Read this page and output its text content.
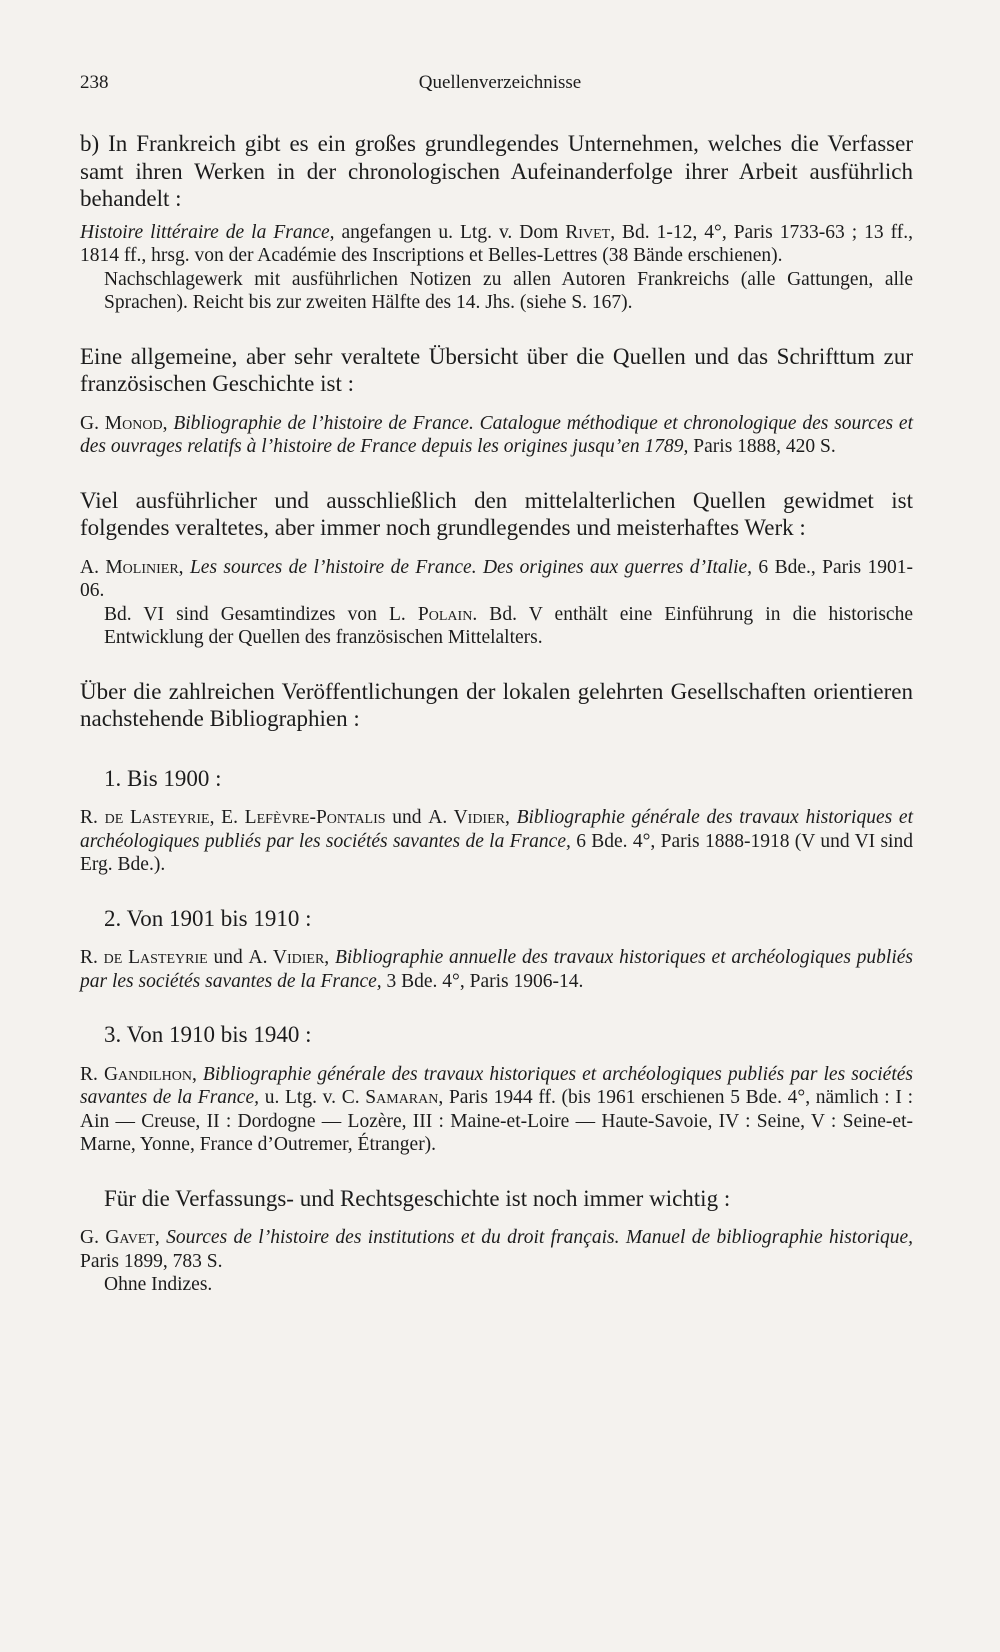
238	Quellenverzeichnisse

b) In Frankreich gibt es ein großes grundlegendes Unternehmen, welches die Verfasser samt ihren Werken in der chronologischen Aufeinanderfolge ihrer Arbeit ausführlich behandelt :

Histoire littéraire de la France, angefangen u. Ltg. v. Dom Rivet, Bd. 1-12, 4°, Paris 1733-63 ; 13 ff., 1814 ff., hrsg. von der Académie des Inscriptions et Belles-Lettres (38 Bände erschienen).

Nachschlagewerk mit ausführlichen Notizen zu allen Autoren Frankreichs (alle Gattungen, alle Sprachen). Reicht bis zur zweiten Hälfte des 14. Jhs. (siehe S. 167).

Eine allgemeine, aber sehr veraltete Übersicht über die Quellen und das Schrifttum zur französischen Geschichte ist :

G. Monod, Bibliographie de l’histoire de France. Catalogue méthodique et chronologique des sources et des ouvrages relatifs à l’histoire de France depuis les origines jusqu’en 1789, Paris 1888, 420 S.

Viel ausführlicher und ausschließlich den mittelalterlichen Quellen gewidmet ist folgendes veraltetes, aber immer noch grundlegendes und meisterhaftes Werk :

A. Molinier, Les sources de l’histoire de France. Des origines aux guerres d’Italie, 6 Bde., Paris 1901-06.

Bd. VI sind Gesamtindizes von L. Polain. Bd. V enthält eine Einführung in die historische Entwicklung der Quellen des französischen Mittelalters.

Über die zahlreichen Veröffentlichungen der lokalen gelehrten Gesellschaften orientieren nachstehende Bibliographien :

1. Bis 1900 :

R. de Lasteyrie, E. Lefèvre-Pontalis und A. Vidier, Bibliographie générale des travaux historiques et archéologiques publiés par les sociétés savantes de la France, 6 Bde. 4°, Paris 1888-1918 (V und VI sind Erg. Bde.).

2. Von 1901 bis 1910 :

R. de Lasteyrie und A. Vidier, Bibliographie annuelle des travaux historiques et archéologiques publiés par les sociétés savantes de la France, 3 Bde. 4°, Paris 1906-14.

3. Von 1910 bis 1940 :

R. Gandilhon, Bibliographie générale des travaux historiques et archéologiques publiés par les sociétés savantes de la France, u. Ltg. v. C. Samaran, Paris 1944 ff. (bis 1961 erschienen 5 Bde. 4°, nämlich : I : Ain — Creuse, II : Dordogne — Lozère, III : Maine-et-Loire — Haute-Savoie, IV : Seine, V : Seine-et-Marne, Yonne, France d’Outremer, Étranger).

Für die Verfassungs- und Rechtsgeschichte ist noch immer wichtig :

G. Gavet, Sources de l’histoire des institutions et du droit français. Manuel de bibliographie historique, Paris 1899, 783 S.

Ohne Indizes.
